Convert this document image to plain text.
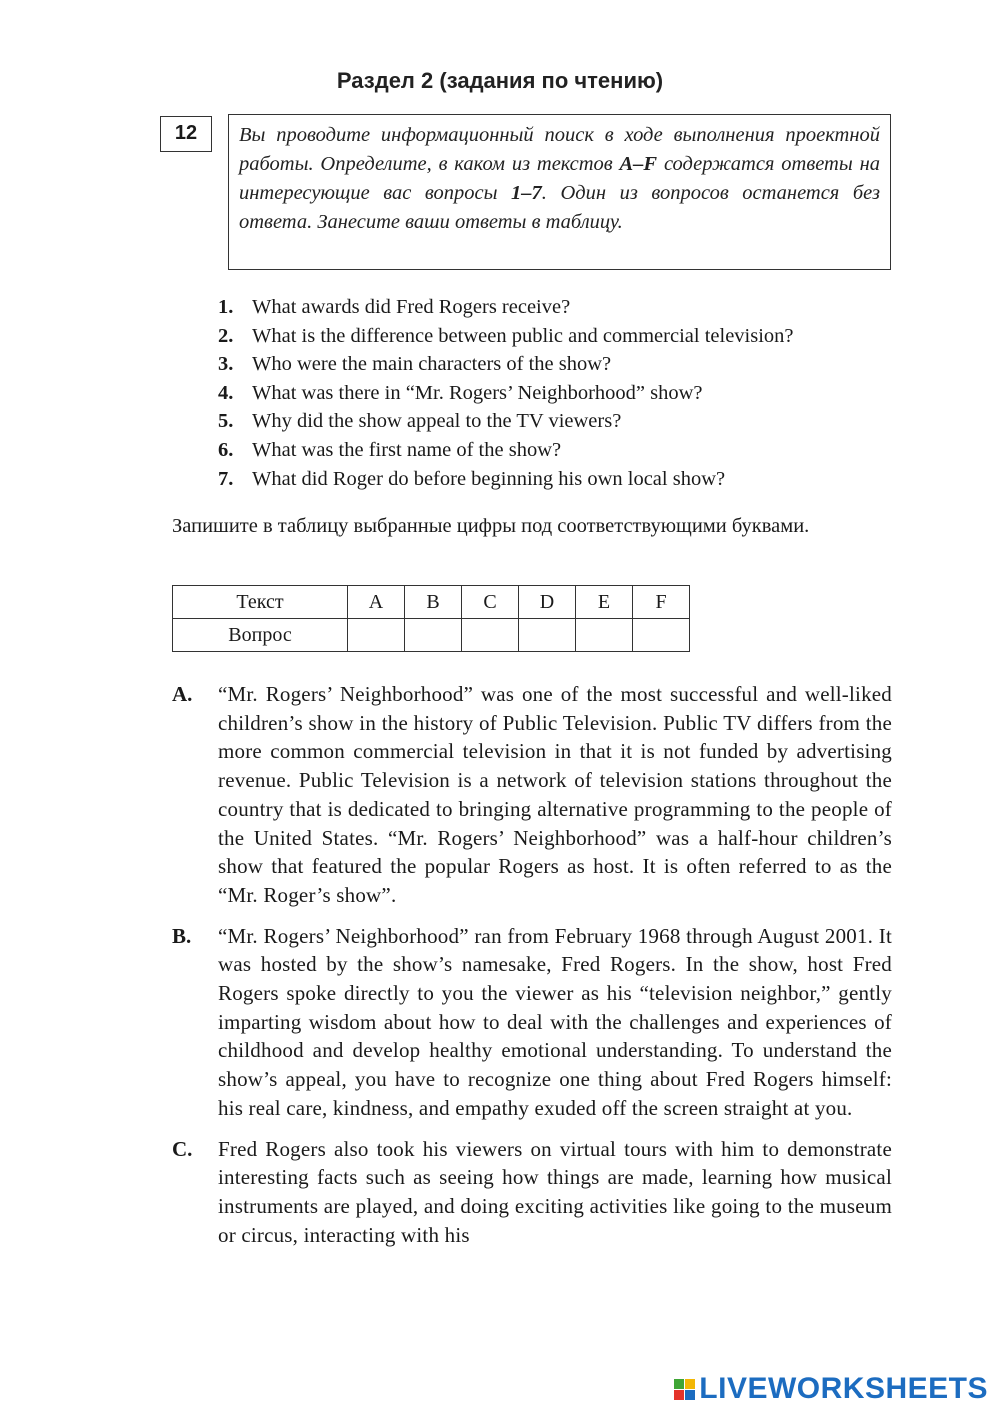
Раздел 2 (задания по чтению)
12	Вы проводите информационный поиск в ходе выполнения проектной работы. Определите, в каком из текстов A–F содержатся ответы на интересующие вас вопросы 1–7. Один из вопросов останется без ответа. Занесите ваши ответы в таблицу.
1. What awards did Fred Rogers receive?
2. What is the difference between public and commercial television?
3. Who were the main characters of the show?
4. What was there in “Mr. Rogers’ Neighborhood” show?
5. Why did the show appeal to the TV viewers?
6. What was the first name of the show?
7. What did Roger do before beginning his own local show?
Запишите в таблицу выбранные цифры под соответствующими буквами.
Текст	A	B	C	D	E	F
Вопрос						
A. “Mr. Rogers’ Neighborhood” was one of the most successful and well-liked children’s show in the history of Public Television. Public TV differs from the more common commercial television in that it is not funded by advertising revenue. Public Television is a network of television stations throughout the country that is dedicated to bringing alternative programming to the people of the United States. “Mr. Rogers’ Neighborhood” was a half-hour children’s show that featured the popular Rogers as host. It is often referred to as the “Mr. Roger’s show”.
B. “Mr. Rogers’ Neighborhood” ran from February 1968 through August 2001. It was hosted by the show’s namesake, Fred Rogers. In the show, host Fred Rogers spoke directly to you the viewer as his “television neighbor,” gently imparting wisdom about how to deal with the challenges and experiences of childhood and develop healthy emotional understanding. To understand the show’s appeal, you have to recognize one thing about Fred Rogers himself: his real care, kindness, and empathy exuded off the screen straight at you.
C. Fred Rogers also took his viewers on virtual tours with him to demonstrate interesting facts such as seeing how things are made, learning how musical instruments are played, and doing exciting activities like going to the museum or circus, interacting with his
LIVEWORKSHEETS
